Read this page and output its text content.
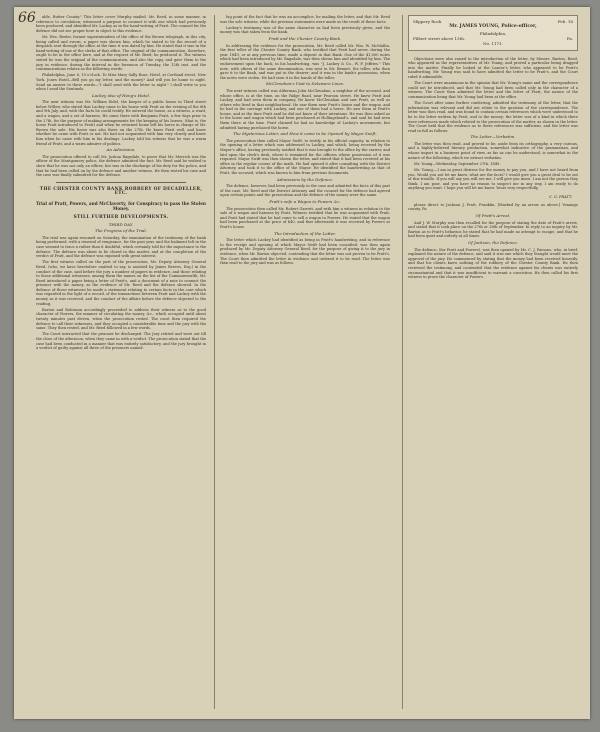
66	able, Rutter County." This letter cover Murphy mailed. Mr. Reed, in some manner, in reference to circulation; witnessed a purpose to connect it with one which had previously been produced, and identified Mr. Lackey as in the hand-writing of Pratt. The counsel for the defence did not see proper here to object to this evidence.

Mr. Wm. Beeler, former superintendent of the office of the Brown telegraph, in this city, being called and sworn, a paper was shown him, which he stated to be the record of a despatch sent through the office at the time it was dated by him. He stated that it was in the hand-writing of one of the clerks of that office. The original of the communication, therefore, ought to be in the office here, and at the request of Mr. Reed, he produced it. The witness stated he was the original of the communication, and also the copy, and gave them to the jury in evidence, during the interval in the forenoon of Tuesday, the 12th inst. and the communications relates as the following words:

Philadelphia, June 6, 10 o'clock. To Miss Mary Sally Rose, Hotel, at Cortland street, New York. Jones Hotel—Bell you go my letter, and the money? And will you be home to night. Send an answer to these words—"I shall send with the letter to night." I shall write to you when I send the Sentinels.

Lackey also of Hong's Hotel.

The next witness was Mr. William Eidel, the keeper of a public house in Third street below Willow, who stated that Lackey came to his house with Pratt on the evening of the 8th and 9th July, and, with the facts he could testify. He entered the house, as a witness, a ward, and a wagon, and a set of harness. He came there with Benjamin Pratt, a few days prior to the 27th, for the purpose of making arrangements for the keeping of his horses, (that is, the horse Pratt introduced to Pratt) and when he returned home left his horse in charge of Mr. Brown the sale. His horse was also there on the 27th. He knew Pratt well, and knew whether he came with Pratt or not. He had not acquainted with him very closely and knew him when he came with him in his dealings. Lackey told his witness that he was a warm friend of Pratt, and a warm admirer of politics.

An Admission.

The prosecution offered to call Mr. Joshua Ragsdale, to prove that Mr. Merrick was the officer of the Montgomery police, the defence admitted the fact. Mr. Reed said he wished to show that he was not only an officer, but was in the discharge of his duty for the police, and that he had been called on by the defence and another witness. He then rested his case and the case was finally submitted for the defence.

THE CHESTER COUNTY BANK ROBBERY OF DECADELLER, ETC.

Trial of Pratt, Powers, and McClaverty, for Conspiracy to pass the Stolen Money.

STILL FURTHER DEVELOPMENTS.

THIRD DAY.

The Progress of the Trial.

The trial was again resumed on Saturday, the examination of the testimony of the bank being performed, with a renewal of vengeance, for the past year, and the bailment left in the case seemed to trace a rather than it doubtful, which certainly told for the importance to the defence. The defence was about to be closed in this matter, and at the completion of the verdict of Pratt, and the defence was enjoined with great interest.

The first witness called on the part of the prosecution, Mr. Deputy Attorney General Reed, (who, we have heretofore omitted to say, is assisted by James Reeves, Esq.) in the conduct of the case, said before the jury a number of papers in evidence, and those relating to those additional witnesses, among them the names on the list of the Commonwealth, Mr. Reed introduced a paper being a letter of Pratt's, and a document of a note to connect the prisoner with the money, as the evidence of Mr. Reed and the defence showed. In the defence of these witnesses he made a statement relating to certain facts in the case which was regarded in the light of a record, of the transactions between Pratt and Lackey with the money as it was received, and the conduct of the affairs before the defence objected to the reading.

Barton and Robinson accordingly proceeded to address their witness as to the good character of Powers, the manner of circulating the money, &c., which occupied until about twenty minutes past eleven, when the prosecution rested. The court then required the defence to call their witnesses, and they occupied a considerable time and the jury with the same. They then rested, and Mr. Reed followed in a few words.

The Court instructed that the prisoner be discharged. The Jury retired and were out till the close of the afternoon, when they came in with a verdict. The prosecution stated that the case had been conducted in a manner that was entirely satisfactory, and the jury brought in a verdict of guilty against all three of the prisoners named.

lug point of the fact that he was an accomplice, he mailing the letter, and that Mr. Reed was the sole witness, while the previous statements were made as the result of these facts.

Lackey's testimony was of the same character as had been previously given, and the money was that taken from the bank.

Pratt and the Chester County Bank.

In addressing the evidence for the prosecution, Mr. Reed called Mr. Wm. W. McMullin, the first teller of the Chester County Bank, who testified that Pratt had never, during the year 1849, or at any previous time, made a deposit in that Bank. One of the $1,000 notes which had been introduced by Mr. Ragsdale, was then shown him and identified by him. The endorsement upon the back, in his handwriting, was "J. Lackey & Co., W. P. Jeffries." This note, with others of the same denomination, was sent to Mr. Bennet, the teller, who then gave it to the Bank, and was put in the drawer; and it was in the bank's possession, when the notes were stolen. He had seen it in the hands of the teller.

McClenahan's Visit to Delaware Lines.

The next witness called was Alderman John McClenahan, a neighbor of the accused, and whose office, is at the time, on the Ridge Road, near Pearson street. He knew Pratt and Lackey, and had seen them in company. He knew McClenahan and saw Pratt, as well as others who lived in that neighborhood. He saw them near Pratt's house and the wagon, and he had in the carriage with Lackey, and one of them had a horse. He saw them at Pratt's house, and at the time Pratt said he did not know of their intentions. He was then asked as to the horse and wagon which had been purchased at Hollingshead's, and said he had seen them there at the time. Pratt claimed he had no knowledge of Lackey's movements, but admitted having purchased the horse.

The Mysterious Letter, and How it came to be Opened by Mayor Swift.

The prosecution then called Mayor Swift, to testify, in his official capacity, in relation to the opening of a letter which was addressed to Lackey, and which, being received by the Mayor's office, having previously notified that it was brought to the office by the carrier, and laid upon the clerk's desk, where it remained for the officers whose possession of it was required. Mayor Swift was then shown the letter, and stated that it had been received at his office in the regular course of the mails. He had opened it after consulting with the District Attorney, and took it to the office of the Mayor. He identified the handwriting as that of Pratt, the accused, which was known to him from previous documents.

Admissions by the Defence.

The defence, however, had been previously in the case and admitted the facts of this part of the case. Mr. Reed and the District Attorney and the counsel for the defence had agreed upon certain points and the prosecution and the defence of the money were the same.

Pratt's wife a Wagon to Powers &c.

The prosecution then called Mr. Robert Garrett, and with him a witness in relation to the sale of a wagon and harness by Pratt. Witness testified that he was acquainted with Pratt, and Pratt had stated that he had come to sell a wagon to Powers. He stated that the wagon had been purchased at the price of $40, and that afterwards it was received by Powers at Pratt's house.

The Introduction of the Letter.

The letter which Lackey had identified as being in Pratt's handwriting, and in reference to the receipt and opening of which Mayor Swift had been consulted, was then again produced by Mr. Deputy Attorney General Reed, for the purpose of giving it to the jury in evidence, when Mr. Barton objected, contending that the letter was not proven to be Pratt's. The Court then admitted the letter in evidence and ordered it to be read. The letter was then read to the jury and was as follows.

Slippery Rock	Feb. 16
Mr. JAMES YOUNG, Police-officer,
Philadelphia.
Filbert street above 13th.	Pa.
No. 1171.

Objections were also raised to the introduction of the letter, by Messrs. Barton, Reed, who appeared as the representatives of Mr. Young, and proved a particular being dragged into the matter. Finally he looked at the Lancer's letter, who appeared to be Pratt's handwriting. Mr. Young was said to have admitted the letter to be Pratt's, and the Court ruled it admissible.

The Court were unanimous in the opinion that Mr. Young's name and the correspondence could not be introduced, and that Mr. Young had been called only in the character of a witness. The Court then admitted the letter and the letter of Pratt, the nature of the communication being that Mr. Young had been at the office.

The Court after some further conferring, admitted the testimony of the letter, that the information was relevant and did not relate to the question of the correspondence. The letter was then read, and was found to contain certain references which were understood to be to the letter written by Pratt, and to the money; the letter was of a kind in which there were references made which related to the prosecution of the matter, as shown in the letter. The Court held that the evidence as to these references was sufficient, and the letter was read in full as follows:

The Letter—Verbatim.

The letter was then read, and proved to be, aside from its orthography, a very curious, and a highly-believed literary production, somewhat indicative of the grammarian, and whose import in a business point of view, as far as can be understood, is somewhat in the nature of the following, which we extract verbatim.

Mr. Young—Wednesday, September 27th, 1849.

Mr. Young,—I am in great distress for the money to pay you, and I have not heard from you. Would you not let me know, what are the facts? I would give you a great deal to be out of this trouble. If you will say you will see me, I will give you more. I am not the person they think. I am poor, and you have no reason to suspect me in any way. I am ready to do anything you want. I hope you will let me know. Yours very respectfully,

C. G. PRATT.

please direct to Jackson J. Pratt, Franklin, [Marked by an arrow as above.] Venango county, Pa.

Of Pratt's Arrest.

And J. W. Murphy was then recalled for the purpose of stating the date of Pratt's arrest, and stated that it took place on the 27th or 28th of September. In reply to an inquiry by Mr. Barton as to Pratt's behavior, he stated that he had made no attempt to escape, and that he had been quiet and orderly at all times.

Of Jackson, the Defence.

The defence, (for Pratt and Powers), was then opened by Mr. C. J. Parsons, who, in brief, explained the nature of the defence, and said it was one which they thought would meet the approval of the jury. He commenced by stating that the money had been received honestly, and that his clients knew nothing of the robbery of the Chester County Bank. He then reviewed the testimony, and contended that the evidence against his clients was entirely circumstantial and that it was insufficient to warrant a conviction. He then called his first witness to prove the character of Powers.
